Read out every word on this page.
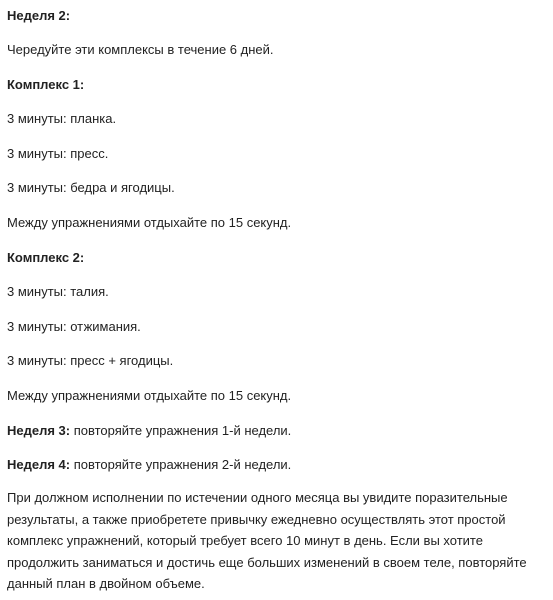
Неделя 2:
Чередуйте эти комплексы в течение 6 дней.
Комплекс 1:
3 минуты: планка.
3 минуты: пресс.
3 минуты: бедра и ягодицы.
Между упражнениями отдыхайте по 15 секунд.
Комплекс 2:
3 минуты: талия.
3 минуты: отжимания.
3 минуты: пресс + ягодицы.
Между упражнениями отдыхайте по 15 секунд.
Неделя 3: повторяйте упражнения 1-й недели.
Неделя 4: повторяйте упражнения 2-й недели.
При должном исполнении по истечении одного месяца вы увидите поразительные результаты, а также приобретете привычку ежедневно осуществлять этот простой комплекс упражнений, который требует всего 10 минут в день. Если вы хотите продолжить заниматься и достичь еще больших изменений в своем теле, повторяйте данный план в двойном объеме.
